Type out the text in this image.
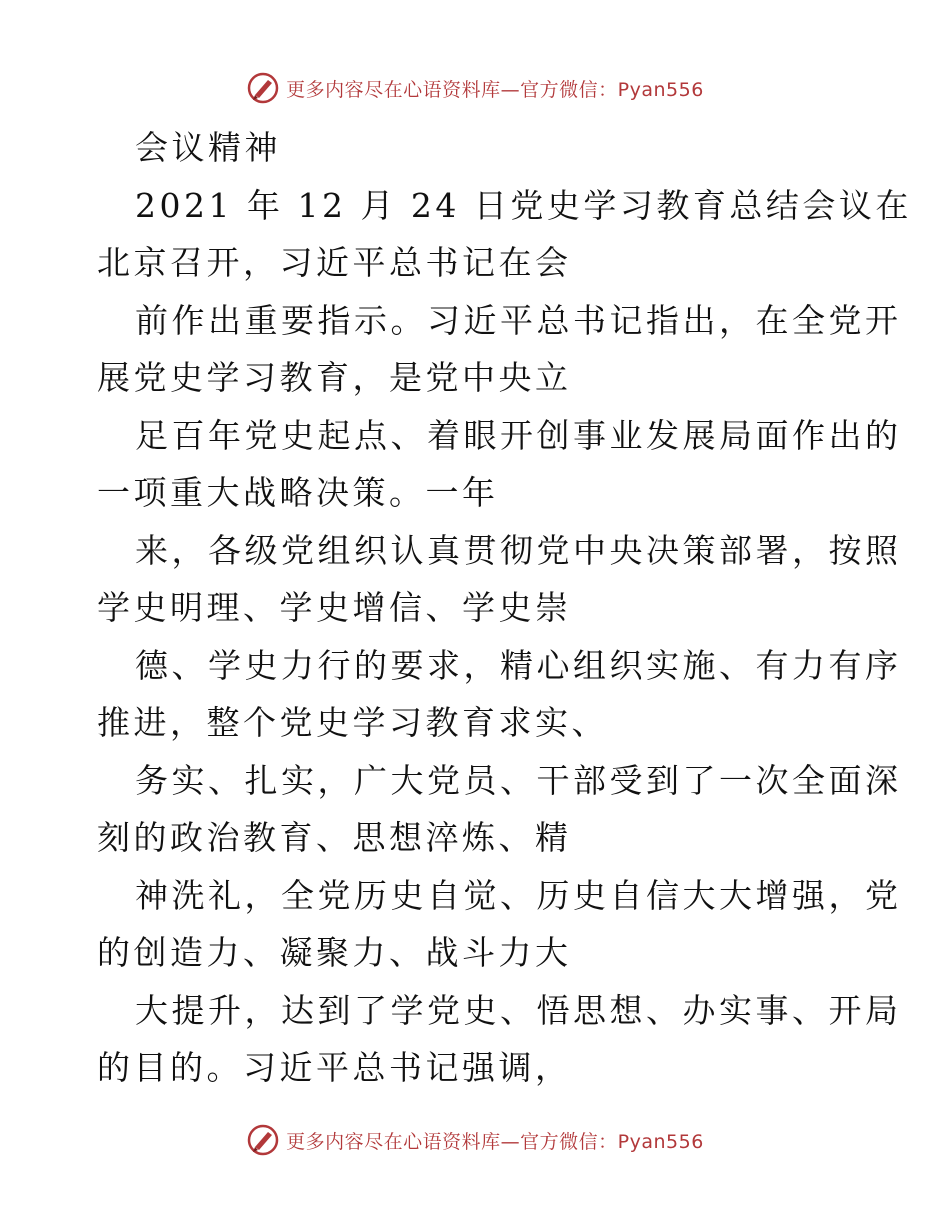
更多内容尽在心语资料库—官方微信：Pyan556
会议精神
2021 年 12 月 24 日党史学习教育总结会议在
北京召开，习近平总书记在会
前作出重要指示。习近平总书记指出，在全党开
展党史学习教育，是党中央立
足百年党史起点、着眼开创事业发展局面作出的
一项重大战略决策。一年
来，各级党组织认真贯彻党中央决策部署，按照
学史明理、学史增信、学史崇
德、学史力行的要求，精心组织实施、有力有序
推进，整个党史学习教育求实、
务实、扎实，广大党员、干部受到了一次全面深
刻的政治教育、思想淬炼、精
神洗礼，全党历史自觉、历史自信大大增强，党
的创造力、凝聚力、战斗力大
大提升，达到了学党史、悟思想、办实事、开局
的目的。习近平总书记强调，
更多内容尽在心语资料库—官方微信：Pyan556
